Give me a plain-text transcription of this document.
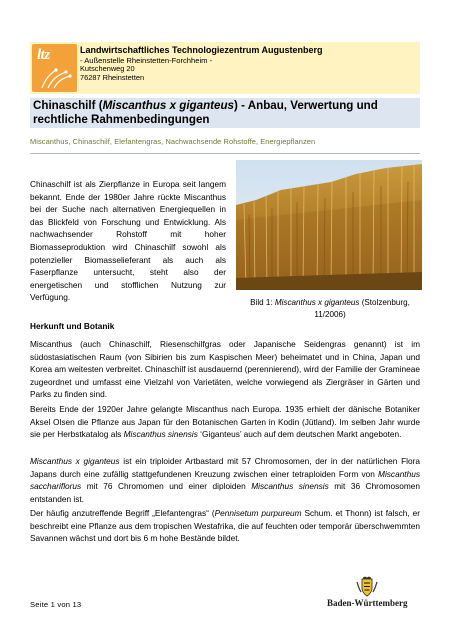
ltz	Landwirtschaftliches Technologiezentrum Augustenberg
- Außenstelle Rheinstetten-Forchheim -
Kutschenweg 20
76287 Rheinstetten
Chinaschilf (Miscanthus x giganteus) - Anbau, Verwertung und rechtliche Rahmenbedingungen
Miscanthus, Chinaschilf, Elefantengras, Nachwachsende Rohstoffe, Energiepflanzen
Chinaschilf ist als Zierpflanze in Europa seit langem bekannt. Ende der 1980er Jahre rückte Miscanthus bei der Suche nach alternativen Energiequellen in das Blickfeld von Forschung und Entwicklung. Als nachwachsender Rohstoff mit hoher Biomasseproduktion wird Chinaschilf sowohl als potenzieller Biomasselieferant als auch als Faserpflanze untersucht, steht also der energetischen und stofflichen Nutzung zur Verfügung.
Bild 1: Miscanthus x giganteus (Stolzenburg, 11/2006)
Herkunft und Botanik
Miscanthus (auch Chinaschilf, Riesenschilfgras oder Japanische Seidengras genannt) ist im südostasiatischen Raum (von Sibirien bis zum Kaspischen Meer) beheimatet und in China, Japan und Korea am weitesten verbreitet. Chinaschilf ist ausdauernd (perennierend), wird der Familie der Gramineae zugeordnet und umfasst eine Vielzahl von Varietäten, welche vorwiegend als Ziergräser in Gärten und Parks zu finden sind.
Bereits Ende der 1920er Jahre gelangte Miscanthus nach Europa. 1935 erhielt der dänische Botaniker Aksel Olsen die Pflanze aus Japan für den Botanischen Garten in Kodin (Jütland). Im selben Jahr wurde sie per Herbstkatalog als Miscanthus sinensis ‘Giganteus’ auch auf dem deutschen Markt angeboten.
Miscanthus x giganteus ist ein triploider Artbastard mit 57 Chromosomen, der in der natürlichen Flora Japans durch eine zufällig stattgefundenen Kreuzung zwischen einer tetraploiden Form von Miscanthus sacchariflorus mit 76 Chromomen und einer diploiden Miscanthus sinensis mit 36 Chromosomen entstanden ist.
Der häufig anzutreffende Begriff „Elefantengras“ (Pennisetum purpureum Schum. et Thonn) ist falsch, er beschreibt eine Pflanze aus dem tropischen Westafrika, die auf feuchten oder temporär überschwemmten Savannen wächst und dort bis 6 m hohe Bestände bildet.
Seite 1 von 13	Baden-Württemberg
